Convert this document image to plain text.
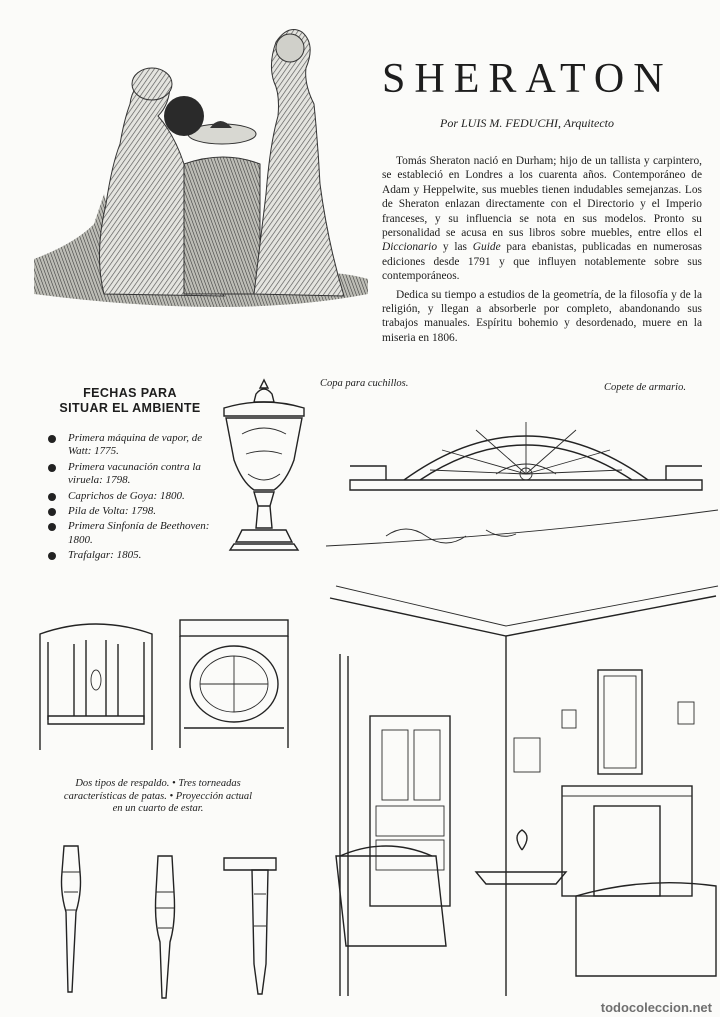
SHERATON
Por LUIS M. FEDUCHI, Arquitecto

Tomás Sheraton nació en Durham; hijo de un tallista y carpintero, se estableció en Londres a los cuarenta años. Contemporáneo de Adam y Heppelwite, sus muebles tienen indudables semejanzas. Los de Sheraton enlazan directamente con el Directorio y el Imperio franceses, y su influencia se nota en sus modelos. Pronto su personalidad se acusa en sus libros sobre muebles, entre ellos el Diccionario y las Guide para ebanistas, publicadas en numerosas ediciones desde 1791 y que influyen notablemente sobre sus contemporáneos.

Dedica su tiempo a estudios de la geometría, de la filosofía y de la religión, y llegan a absorberle por completo, abandonando sus trabajos manuales. Espíritu bohemio y desordenado, muere en la miseria en 1806.

FECHAS PARA
SITUAR EL AMBIENTE
Primera máquina de vapor, de Watt: 1775.
Primera vacunación contra la viruela: 1798.
Caprichos de Goya: 1800.
Pila de Volta: 1798.
Primera Sinfonía de Beethoven: 1800.
Trafalgar: 1805.
Copa para cuchillos.	Copete de armario.
Dos tipos de respaldo. • Tres torneadas características de patas. • Proyección actual en un cuarto de estar.
todocoleccion.net
